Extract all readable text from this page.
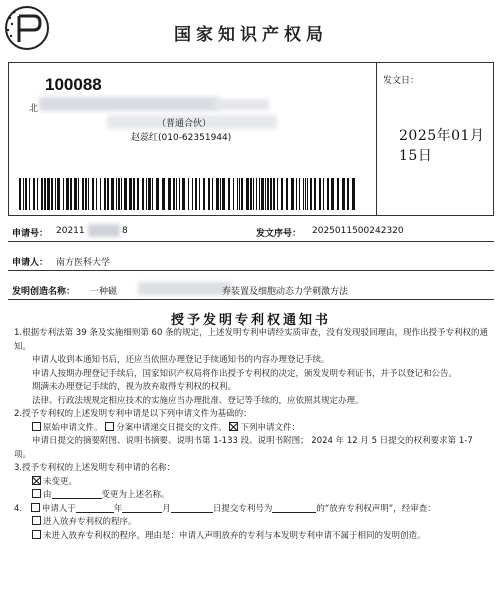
国家知识产权局
100088
北
（普通合伙）
赵蕊红(010-62351944)
发文日：
2025年01月15日
申请号： 20211	8	发文序号： 2025011500242320
申请人： 南方医科大学
发明创造名称： 一种磁	弃装置及细胞动态力学刺激方法
授予发明专利权通知书

1.根据专利法第 39 条及实施细则第 60 条的规定，上述发明专利申请经实质审查，没有发现驳回理由，现作出授予专利权的通知。

申请人收到本通知书后，还应当依照办理登记手续通知书的内容办理登记手续。

申请人按期办理登记手续后，国家知识产权局将作出授予专利权的决定，颁发发明专利证书，并予以登记和公告。

期满未办理登记手续的，视为放弃取得专利权的权利。

法律、行政法规规定相应技术的实施应当办理批准、登记等手续的，应依照其规定办理。

2.授予专利权的上述发明专利申请是以下列申请文件为基础的：

原始申请文件。 分案申请递交日提交的文件。 下列申请文件：

申请日提交的摘要附图、说明书摘要、说明书第 1-133 段、说明书附图； 2024 年 12 月 5 日提交的权利要求第 1-7 项。

3.授予专利权的上述发明专利申请的名称：

未变更。

由	变更为上述名称。

4. 申请人于	年	月	日提交专利号为	的“放弃专利权声明”，经审查：

进入放弃专利权的程序。

未进入放弃专利权的程序。理由是：申请人声明放弃的专利与本发明专利申请不属于相同的发明创造。
